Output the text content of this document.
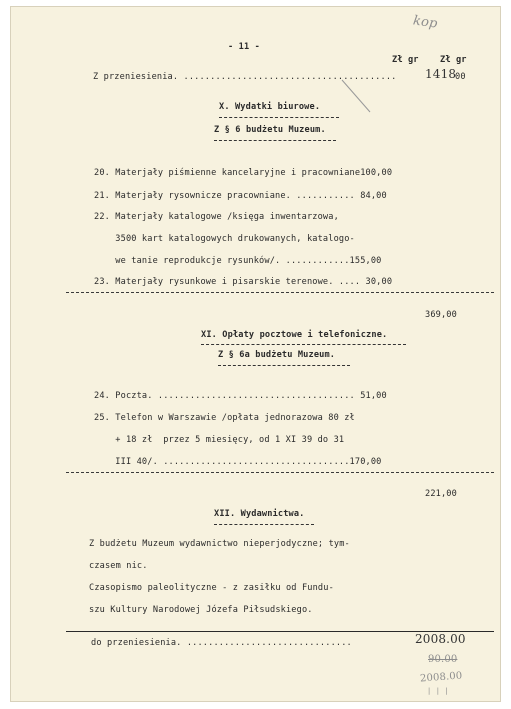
kop
- 11 -
Zł gr Zł gr
Z przeniesienia. ........................................ 1418
00
X. Wydatki biurowe.
Z § 6 budżetu Muzeum.
20. Materjały piśmienne kancelaryjne i pracowniane100,00
21. Materjały rysownicze pracowniane. ........... 84,00
22. Materjały katalogowe /księga inwentarzowa,
3500 kart katalogowych drukowanych, katalogo-
we tanie reprodukcje rysunków/. ............155,00
23. Materjały rysunkowe i pisarskie terenowe. .... 30,00
369,00
XI. Opłaty pocztowe i telefoniczne.
Z § 6a budżetu Muzeum.
24. Poczta. ..................................... 51,00
25. Telefon w Warszawie /opłata jednorazowa 80 zł
+ 18 zł  przez 5 miesięcy, od 1 XI 39 do 31
III 40/. ...................................170,00
221,00
XII. Wydawnictwa.
Z budżetu Muzeum wydawnictwo nieperjodyczne; tym-
czasem nic.
Czasopismo paleolityczne - z zasiłku od Fundu-
szu Kultury Narodowej Józefa Piłsudskiego.
do przeniesienia. ...............................	2008.00
90.00
2008.00
| | |
